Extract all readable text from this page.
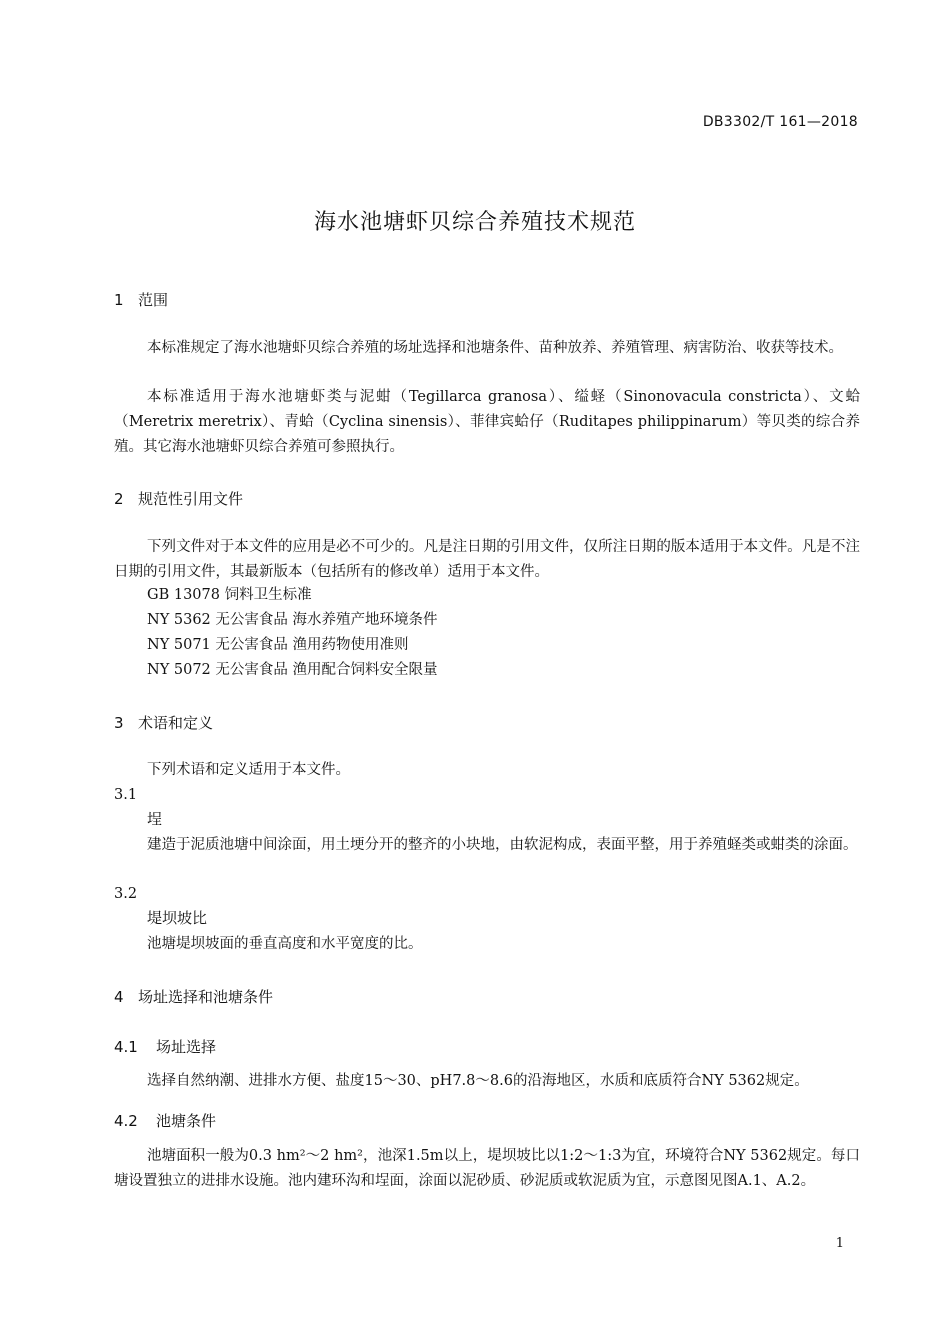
DB3302/T 161—2018
海水池塘虾贝综合养殖技术规范
1 范围
本标准规定了海水池塘虾贝综合养殖的场址选择和池塘条件、苗种放养、养殖管理、病害防治、收获等技术。
本标准适用于海水池塘虾类与泥蚶（Tegillarca granosa）、缢蛏（Sinonovacula constricta）、文蛤（Meretrix meretrix）、青蛤（Cyclina sinensis）、菲律宾蛤仔（Ruditapes philippinarum）等贝类的综合养殖。其它海水池塘虾贝综合养殖可参照执行。
2 规范性引用文件
下列文件对于本文件的应用是必不可少的。凡是注日期的引用文件，仅所注日期的版本适用于本文件。凡是不注日期的引用文件，其最新版本（包括所有的修改单）适用于本文件。
GB 13078 饲料卫生标准
NY 5362 无公害食品 海水养殖产地环境条件
NY 5071 无公害食品 渔用药物使用准则
NY 5072 无公害食品 渔用配合饲料安全限量
3 术语和定义
下列术语和定义适用于本文件。
3.1
埕
建造于泥质池塘中间涂面，用土埂分开的整齐的小块地，由软泥构成，表面平整，用于养殖蛏类或蚶类的涂面。
3.2
堤坝坡比
池塘堤坝坡面的垂直高度和水平宽度的比。
4 场址选择和池塘条件
4.1 场址选择
选择自然纳潮、进排水方便、盐度15～30、pH7.8～8.6的沿海地区，水质和底质符合NY 5362规定。
4.2 池塘条件
池塘面积一般为0.3 hm²～2 hm²，池深1.5m以上，堤坝坡比以1:2～1:3为宜，环境符合NY 5362规定。每口塘设置独立的进排水设施。池内建环沟和埕面，涂面以泥砂质、砂泥质或软泥质为宜，示意图见图A.1、A.2。
1
